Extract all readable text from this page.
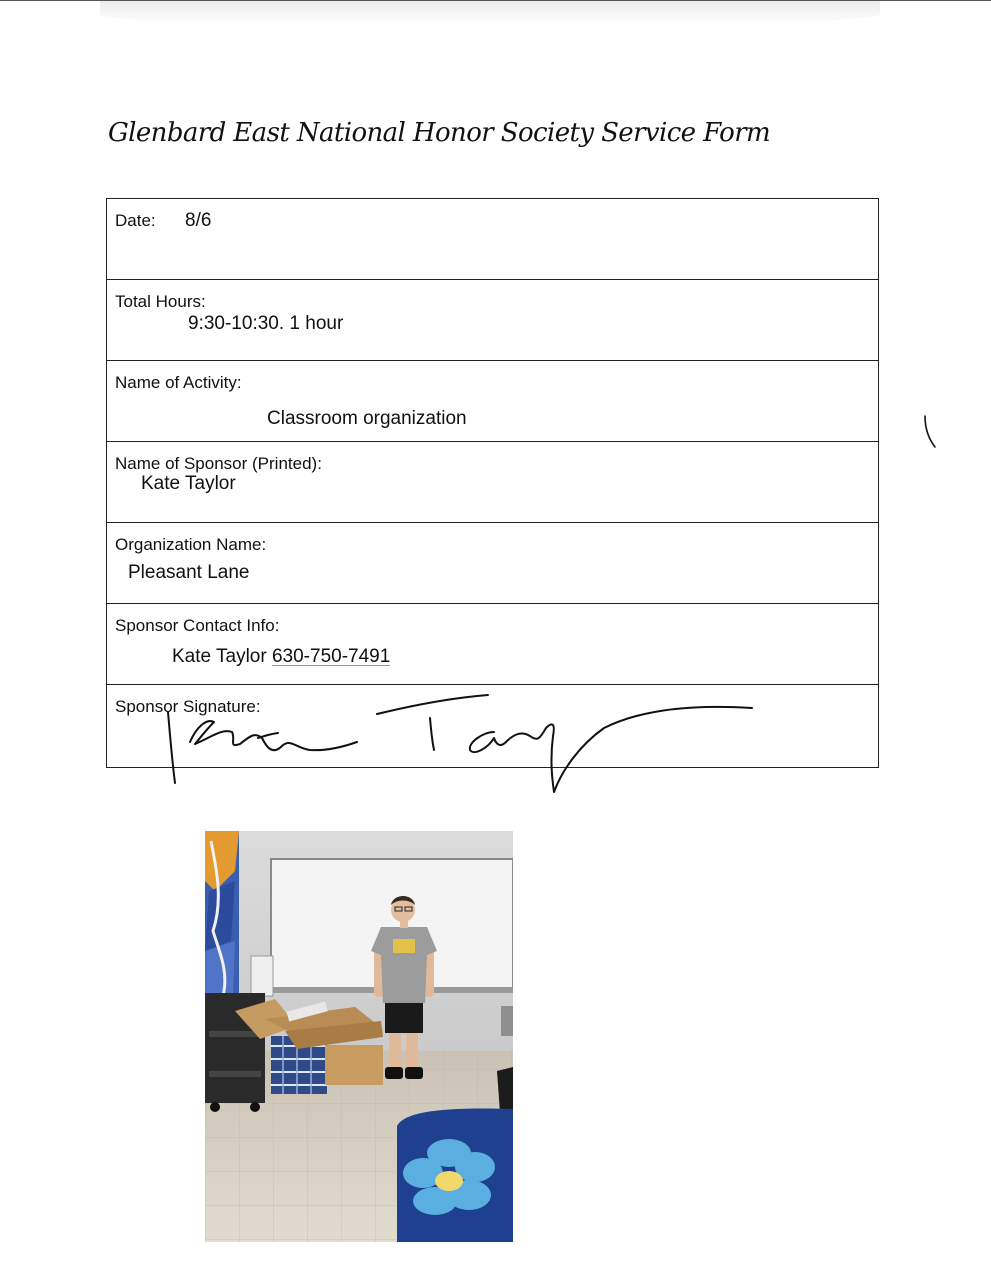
Glenbard East National Honor Society Service Form
Date: 8/6
Total Hours:
9:30-10:30. 1 hour
Name of Activity:
Classroom organization
Name of Sponsor (Printed):
Kate Taylor
Organization Name:
Pleasant Lane
Sponsor Contact Info:
Kate Taylor 630-750-7491
Sponsor Signature:
